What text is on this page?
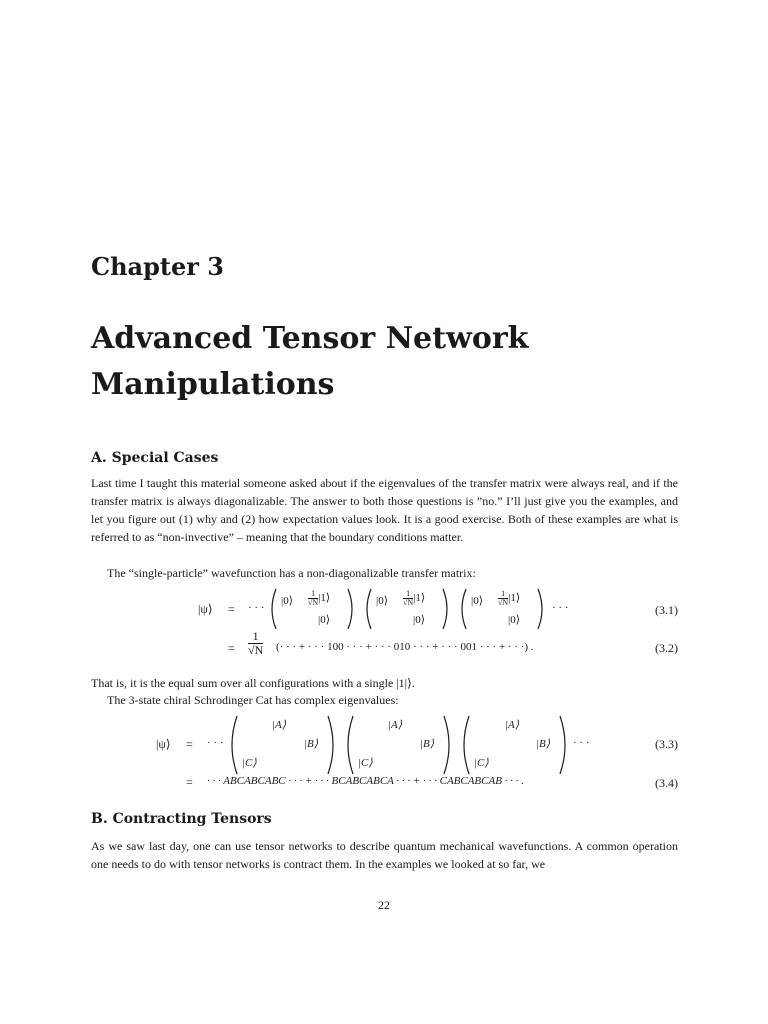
Chapter 3
Advanced Tensor Network
Manipulations
A. Special Cases
Last time I taught this material someone asked about if the eigenvalues of the transfer matrix were always real, and if the transfer matrix is always diagonalizable. The answer to both those questions is ”no.” I’ll just give you the examples, and let you figure out (1) why and (2) how expectation values look. It is a good exercise. Both of these examples are what is referred to as “non-invective” – meaning that the boundary conditions matter.
The “single-particle” wavefunction has a non-diagonalizable transfer matrix:
|ψ⟩ = · · ·
|0⟩ $\frac{1}{√N}$ |1⟩
|0⟩
|0⟩ $\frac{1}{√N}$ |1⟩
|0⟩
|0⟩ $\frac{1}{√N}$ |1⟩
|0⟩
· · ·	(3.1)
= $\frac{1}{√N}$ (· · · + · · · 100 · · · + · · · 010 · · · + · · · 001 · · · + · · ·) .	(3.2)
That is, it is the equal sum over all configurations with a single |1|⟩.
The 3-state chiral Schrodinger Cat has complex eigenvalues:
|ψ⟩ = · · ·
|A⟩
|B⟩
|C⟩
|A⟩
|B⟩
|C⟩
|A⟩
|B⟩
|C⟩
· · ·	(3.3)
= · · · ABCABCABC · · · + · · · BCABCABCA · · · + · · · CABCABCAB · · · .	(3.4)
B. Contracting Tensors
As we saw last day, one can use tensor networks to describe quantum mechanical wavefunctions. A common operation one needs to do with tensor networks is contract them. In the examples we looked at so far, we
22
